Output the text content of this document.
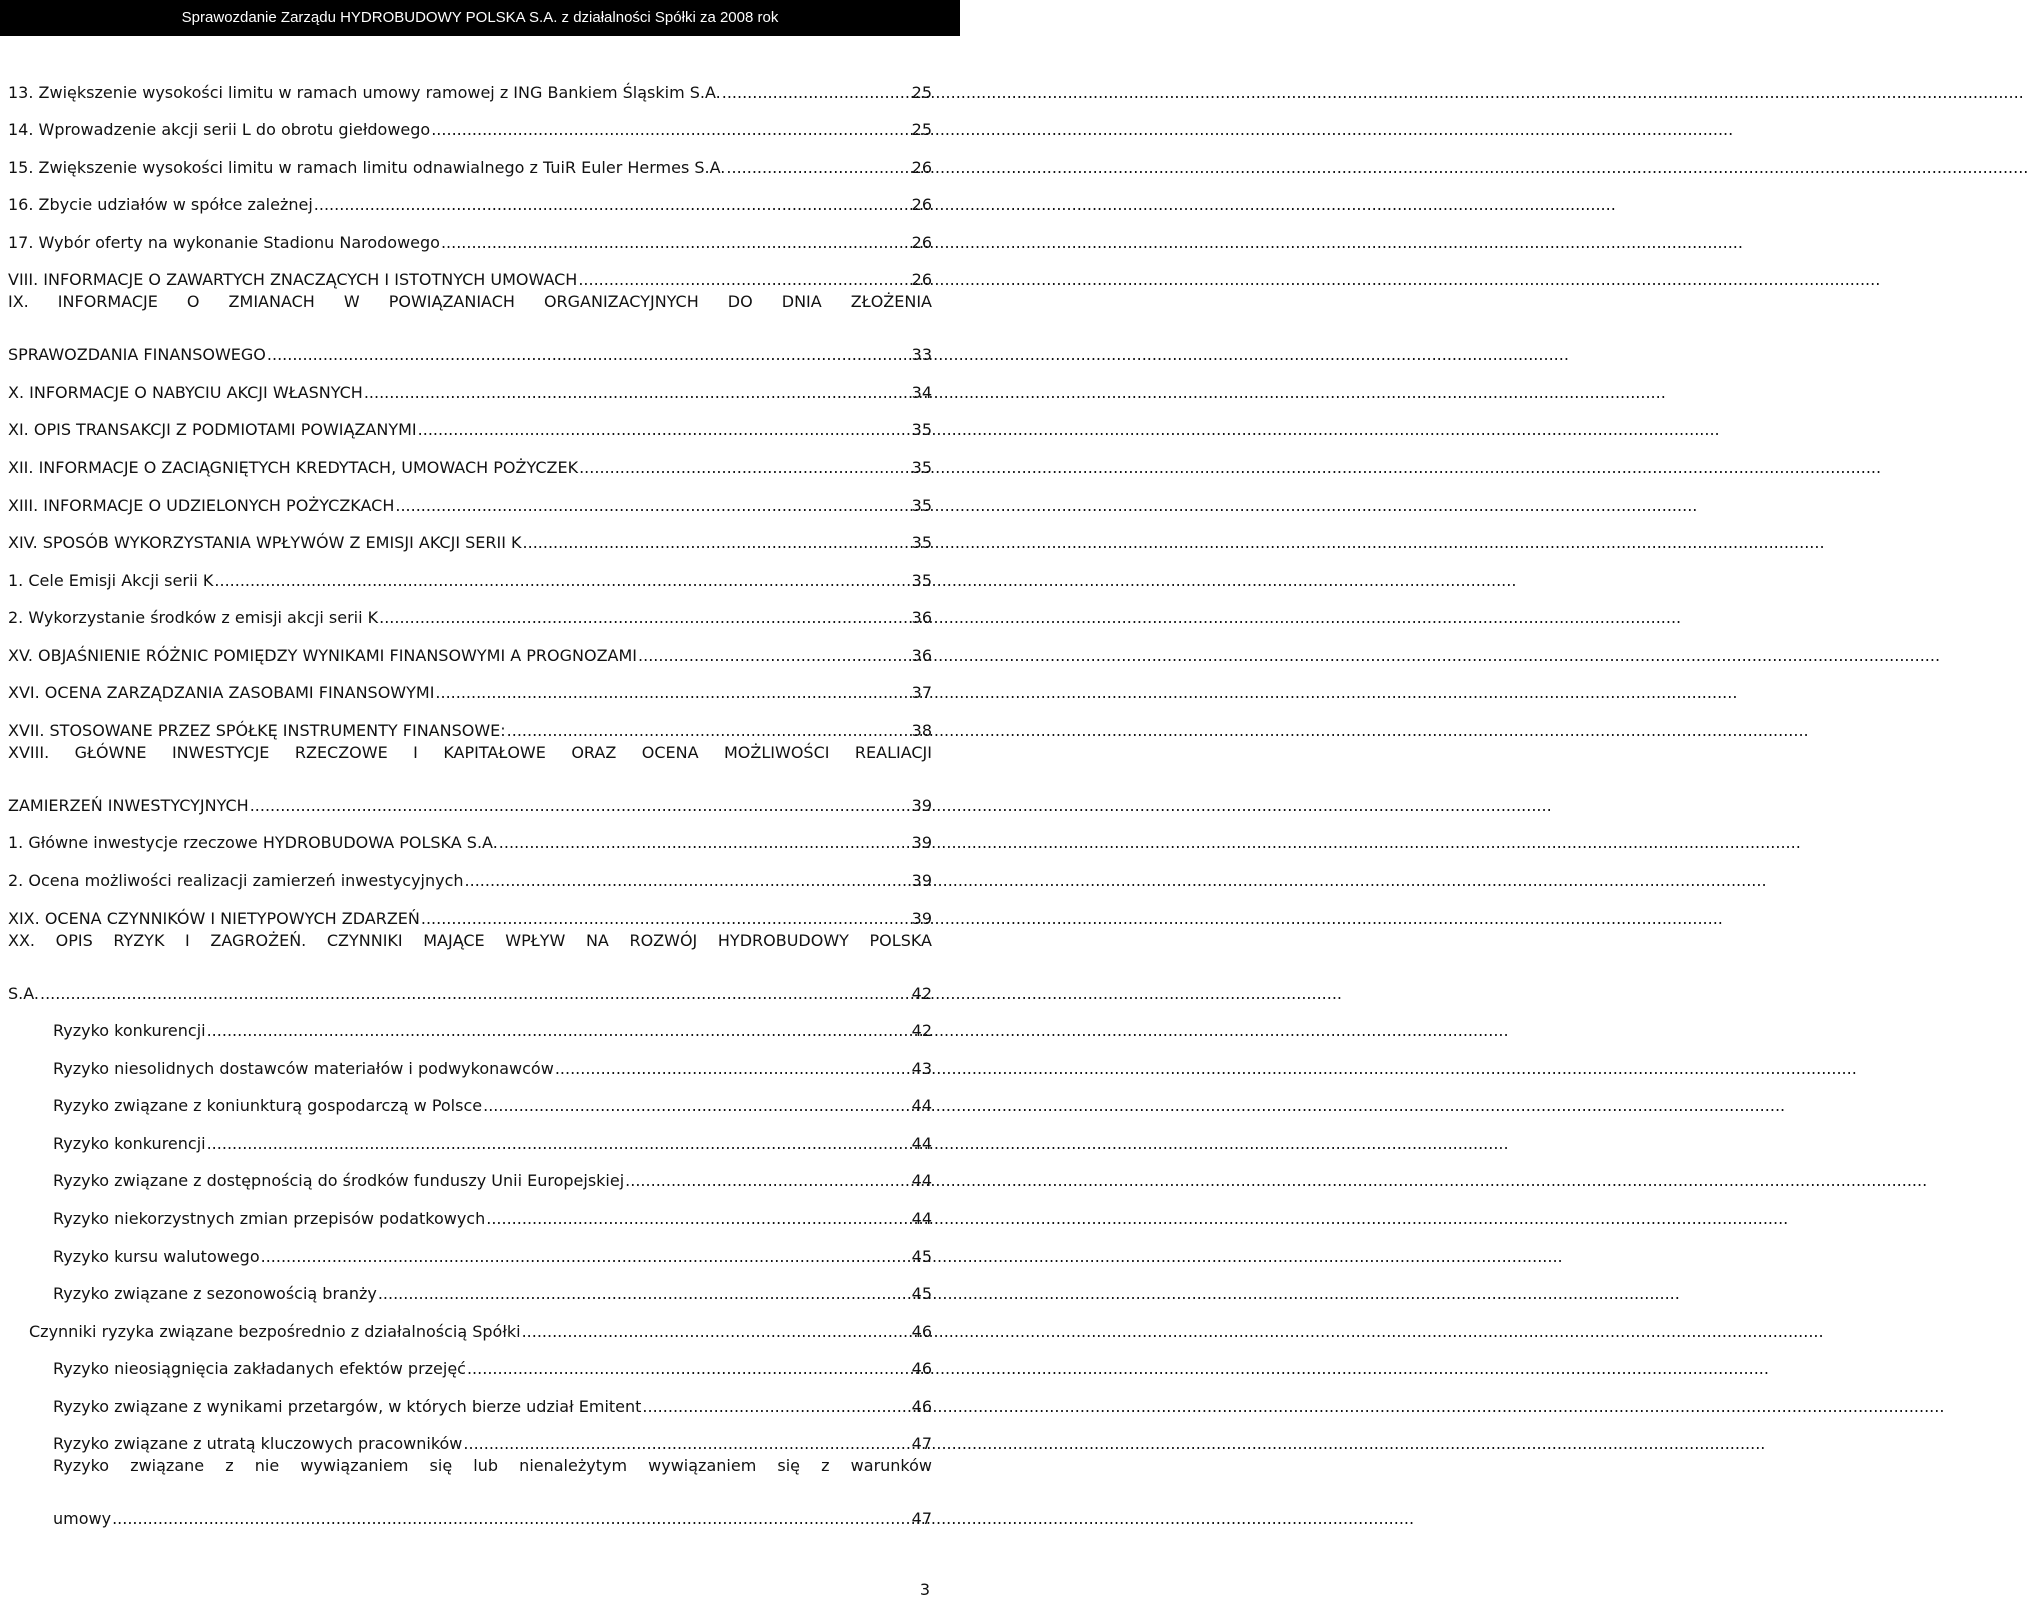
Sprawozdanie Zarządu HYDROBUDOWY POLSKA S.A. z działalności Spółki za 2008 rok
13. Zwiększenie wysokości limitu w ramach umowy ramowej z ING Bankiem Śląskim S.A. .....	25
14. Wprowadzenie akcji serii L do obrotu giełdowego .....	25
15. Zwiększenie wysokości limitu w ramach limitu odnawialnego z TuiR Euler Hermes S.A. .....	26
16. Zbycie udziałów w spółce zależnej .....	26
17. Wybór oferty na wykonanie Stadionu Narodowego .....	26
VIII. INFORMACJE O ZAWARTYCH ZNACZĄCYCH I ISTOTNYCH UMOWACH .....	26
IX. INFORMACJE O ZMIANACH W POWIĄZANIACH ORGANIZACYJNYCH DO DNIA ZŁOŻENIA
SPRAWOZDANIA FINANSOWEGO .....	33
X. INFORMACJE O NABYCIU AKCJI WŁASNYCH .....	34
XI. OPIS TRANSAKCJI Z PODMIOTAMI POWIĄZANYMI .....	35
XII. INFORMACJE O ZACIĄGNIĘTYCH KREDYTACH, UMOWACH POŻYCZEK .....	35
XIII. INFORMACJE O UDZIELONYCH POŻYCZKACH .....	35
XIV. SPOSÓB WYKORZYSTANIA WPŁYWÓW Z EMISJI AKCJI SERII K .....	35
1. Cele Emisji Akcji serii K .....	35
2. Wykorzystanie środków z emisji akcji serii K .....	36
XV. OBJAŚNIENIE RÓŻNIC POMIĘDZY WYNIKAMI FINANSOWYMI A PROGNOZAMI .....	36
XVI. OCENA ZARZĄDZANIA ZASOBAMI FINANSOWYMI .....	37
XVII. STOSOWANE PRZEZ SPÓŁKĘ INSTRUMENTY FINANSOWE: .....	38
XVIII. GŁÓWNE INWESTYCJE RZECZOWE I KAPITAŁOWE ORAZ OCENA MOŻLIWOŚCI REALIACJI
ZAMIERZEŃ INWESTYCYJNYCH .....	39
1. Główne inwestycje rzeczowe HYDROBUDOWA POLSKA S.A. .....	39
2. Ocena możliwości realizacji zamierzeń inwestycyjnych .....	39
XIX. OCENA CZYNNIKÓW I NIETYPOWYCH ZDARZEŃ .....	39
XX. OPIS RYZYK I ZAGROŻEŃ. CZYNNIKI MAJĄCE WPŁYW NA ROZWÓJ HYDROBUDOWY POLSKA
S.A. .....	42
Ryzyko konkurencji .....	42
Ryzyko niesolidnych dostawców materiałów i podwykonawców .....	43
Ryzyko związane z koniunkturą gospodarczą w Polsce .....	44
Ryzyko konkurencji .....	44
Ryzyko związane z dostępnością do środków funduszy Unii Europejskiej .....	44
Ryzyko niekorzystnych zmian przepisów podatkowych .....	44
Ryzyko kursu walutowego .....	45
Ryzyko związane z sezonowością branży .....	45
Czynniki ryzyka związane bezpośrednio z działalnością Spółki .....	46
Ryzyko nieosiągnięcia zakładanych efektów przejęć .....	46
Ryzyko związane z wynikami przetargów, w których bierze udział Emitent .....	46
Ryzyko związane z utratą kluczowych pracowników .....	47
Ryzyko związane z nie wywiązaniem się lub nienależytym wywiązaniem się z warunków
umowy .....	47
3
